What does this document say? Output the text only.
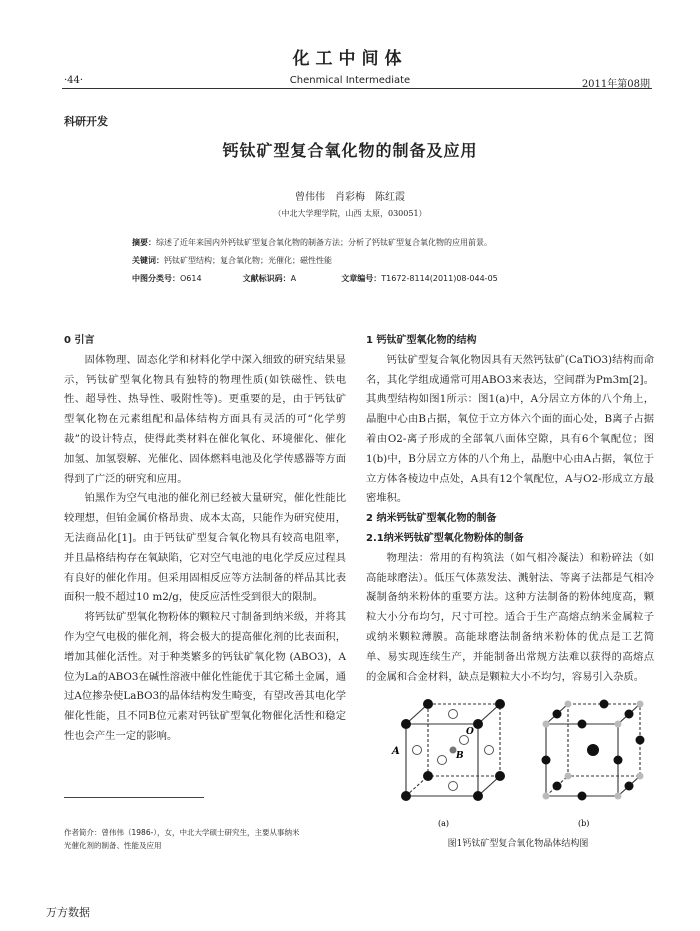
化工中间体
·44·	Chenmical Intermediate	2011年第08期
科研开发
钙钛矿型复合氧化物的制备及应用
曾伟伟　肖彩梅　陈红霞
（中北大学理学院，山西 太原，030051）
摘要：综述了近年来国内外钙钛矿型复合氧化物的制备方法；分析了钙钛矿型复合氧化物的应用前景。
关键词：钙钛矿型结构；复合氧化物；光催化；磁性性能
中图分类号：O614	文献标识码：A	文章编号：T1672-8114(2011)08-044-05
0 引言

固体物理、固态化学和材料化学中深入细致的研究结果显示，钙钛矿型氧化物具有独特的物理性质(如铁磁性、铁电性、超导性、热导性、吸附性等)。更重要的是，由于钙钛矿型氧化物在元素组配和晶体结构方面具有灵活的可“化学剪裁”的设计特点，使得此类材料在催化氧化、环境催化、催化加氢、加氢裂解、光催化、固体燃料电池及化学传感器等方面得到了广泛的研究和应用。

铂黑作为空气电池的催化剂已经被大量研究，催化性能比较理想，但铂金属价格昂贵、成本太高，只能作为研究使用，无法商品化[1]。由于钙钛矿型复合氧化物具有较高电阻率，并且晶格结构存在氧缺陷，它对空气电池的电化学反应过程具有良好的催化作用。但采用固相反应等方法制备的样品其比表面积一般不超过10 m2/g，使反应活性受到很大的限制。

将钙钛矿型氧化物粉体的颗粒尺寸制备到纳米级，并将其作为空气电极的催化剂，将会极大的提高催化剂的比表面积，增加其催化活性。对于种类繁多的钙钛矿氧化物 (ABO3)，A位为La的ABO3在碱性溶液中催化性能优于其它稀土金属，通过A位掺杂使LaBO3的晶体结构发生畸变，有望改善其电化学催化性能，且不同B位元素对钙钛矿型氧化物催化活性和稳定性也会产生一定的影响。

1 钙钛矿型氧化物的结构

钙钛矿型复合氧化物因具有天然钙钛矿(CaTiO3)结构而命名，其化学组成通常可用ABO3来表达，空间群为Pm3m[2]。其典型结构如图1所示：图1(a)中，A分居立方体的八个角上，晶胞中心由B占据，氧位于立方体六个面的面心处，B离子占据着由O2-离子形成的全部氧八面体空隙，具有6个氧配位；图1(b)中，B分居立方体的八个角上，晶胞中心由A占据，氧位于立方体各棱边中点处，A具有12个氧配位，A与O2-形成立方最密堆积。

2 纳米钙钛矿型氧化物的制备
2.1纳米钙钛矿型氧化物粉体的制备

物理法：常用的有构筑法（如气相冷凝法）和粉碎法（如高能球磨法）。低压气体蒸发法、溅射法、等离子法都是气相冷凝制备纳米粉体的重要方法。这种方法制备的粉体纯度高，颗粒大小分布均匀，尺寸可控。适合于生产高熔点纳米金属粒子或纳米颗粒薄膜。高能球磨法制备纳米粉体的优点是工艺简单、易实现连续生产，并能制备出常规方法难以获得的高熔点的金属和合金材料，缺点是颗粒大小不均匀，容易引入杂质。

A	B
O
(a)	(b)
图1钙钛矿型复合氧化物晶体结构图
作者简介：曾伟伟（1986-），女，中北大学硕士研究生，主要从事纳米
光催化剂的制备、性能及应用
万方数据
